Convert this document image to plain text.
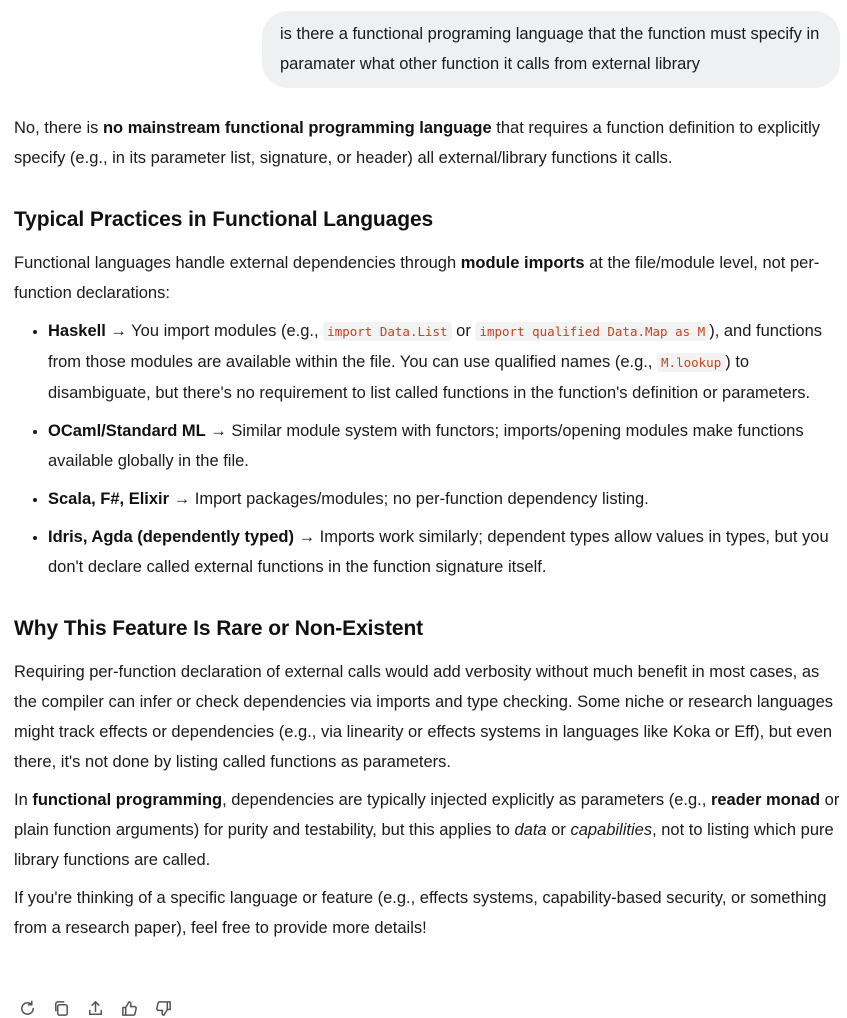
is there a functional programing language that the function must specify in paramater what other function it calls from external library

No, there is no mainstream functional programming language that requires a function definition to explicitly specify (e.g., in its parameter list, signature, or header) all external/library functions it calls.

Typical Practices in Functional Languages

Functional languages handle external dependencies through module imports at the file/module level, not per-function declarations:

• Haskell → You import modules (e.g., import Data.List or import qualified Data.Map as M ), and functions from those modules are available within the file. You can use qualified names (e.g., M.lookup ) to disambiguate, but there's no requirement to list called functions in the function's definition or parameters.
• OCaml/Standard ML → Similar module system with functors; imports/opening modules make functions available globally in the file.
• Scala, F#, Elixir → Import packages/modules; no per-function dependency listing.
• Idris, Agda (dependently typed) → Imports work similarly; dependent types allow values in types, but you don't declare called external functions in the function signature itself.
Why This Feature Is Rare or Non-Existent

Requiring per-function declaration of external calls would add verbosity without much benefit in most cases, as the compiler can infer or check dependencies via imports and type checking. Some niche or research languages might track effects or dependencies (e.g., via linearity or effects systems in languages like Koka or Eff), but even there, it's not done by listing called functions as parameters.

In functional programming, dependencies are typically injected explicitly as parameters (e.g., reader monad or plain function arguments) for purity and testability, but this applies to data or capabilities, not to listing which pure library functions are called.

If you're thinking of a specific language or feature (e.g., effects systems, capability-based security, or something from a research paper), feel free to provide more details!
